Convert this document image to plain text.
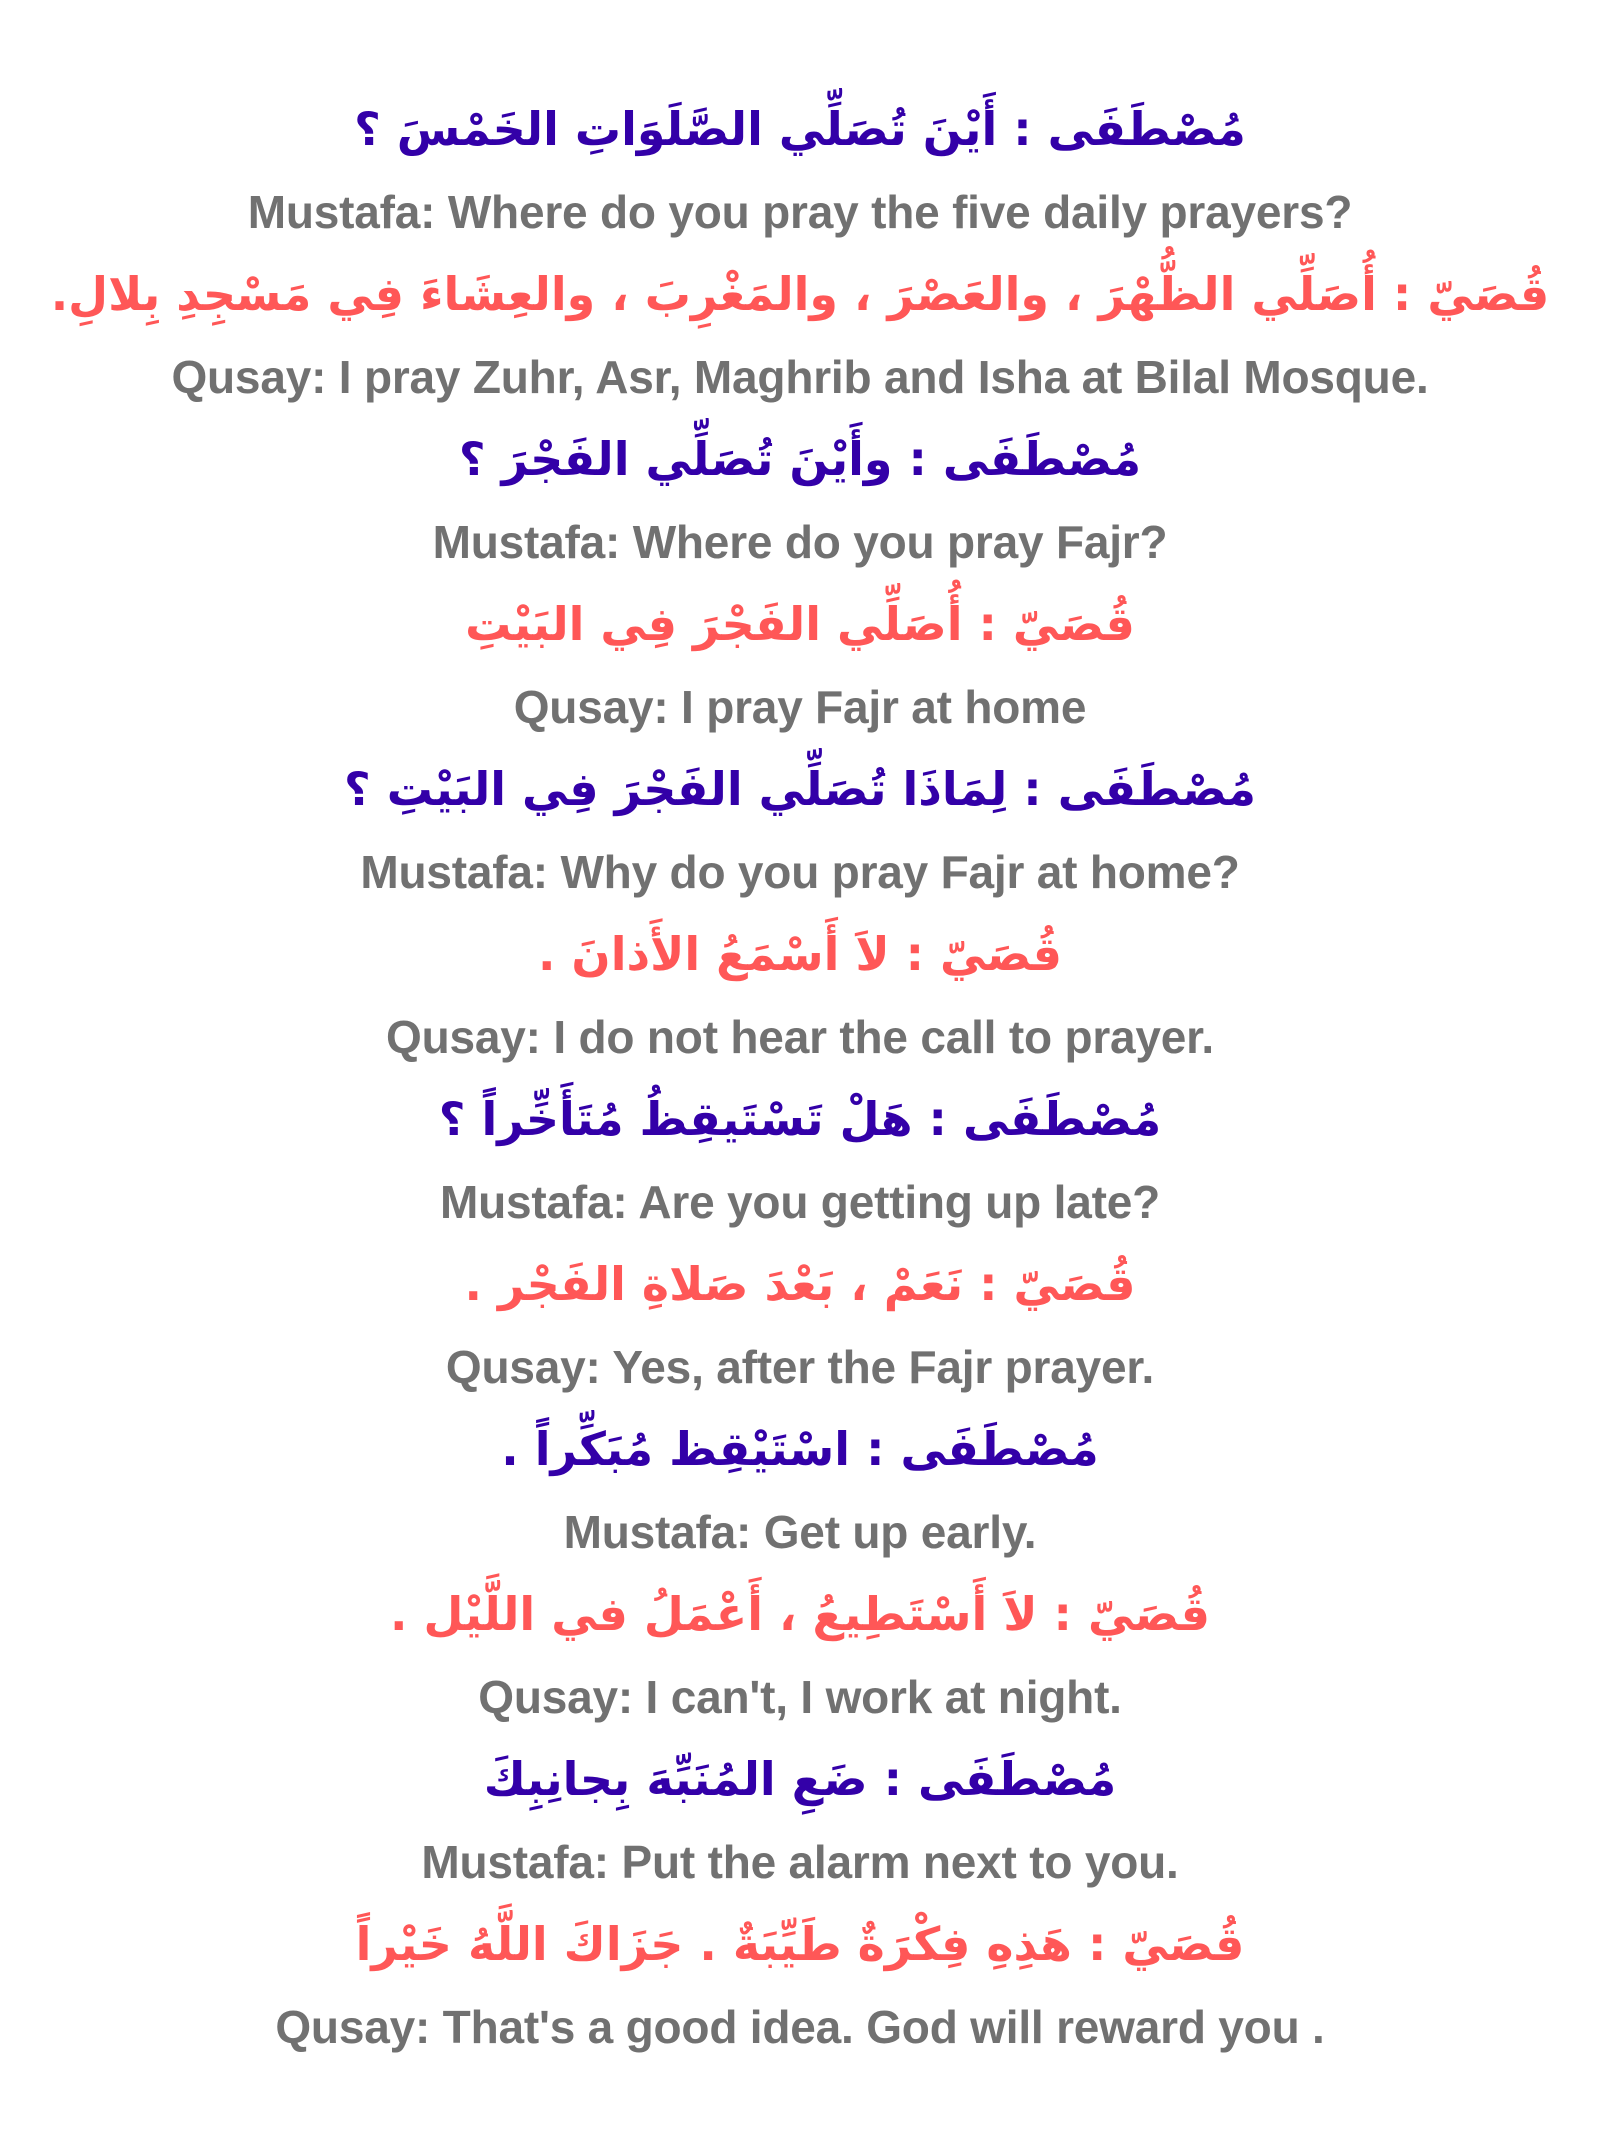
مُصْطَفَى : أَيْنَ تُصَلِّي الصَّلَوَاتِ الخَمْسَ ؟

Mustafa: Where do you pray the five daily prayers?

قُصَيّ : أُصَلِّي الظُّهْرَ ، والعَصْرَ ، والمَغْرِبَ ، والعِشَاءَ فِي مَسْجِدِ بِلالِ.

Qusay: I pray Zuhr, Asr, Maghrib and Isha at Bilal Mosque.

مُصْطَفَى : وأَيْنَ تُصَلِّي الفَجْرَ ؟

Mustafa: Where do you pray Fajr?

قُصَيّ : أُصَلِّي الفَجْرَ فِي البَيْتِ

Qusay: I pray Fajr at home

مُصْطَفَى : لِمَاذَا تُصَلِّي الفَجْرَ فِي البَيْتِ ؟

Mustafa: Why do you pray Fajr at home?

قُصَيّ : لاَ أَسْمَعُ الأَذانَ .

Qusay: I do not hear the call to prayer.

مُصْطَفَى : هَلْ تَسْتَيقِظُ مُتَأَخِّراً ؟

Mustafa: Are you getting up late?

قُصَيّ : نَعَمْ ، بَعْدَ صَلاةِ الفَجْر .

Qusay: Yes, after the Fajr prayer.

مُصْطَفَى : اسْتَيْقِظ مُبَكِّراً .

Mustafa: Get up early.

قُصَيّ : لاَ أَسْتَطِيعُ ، أَعْمَلُ في اللَّيْل .

Qusay: I can't, I work at night.

مُصْطَفَى : ضَعِ المُنَبِّهَ بِجانِبِكَ

Mustafa: Put the alarm next to you.

قُصَيّ : هَذِهِ فِكْرَةٌ طَيِّبَةٌ . جَزَاكَ اللَّهُ خَيْراً

Qusay: That's a good idea. God will reward you .
